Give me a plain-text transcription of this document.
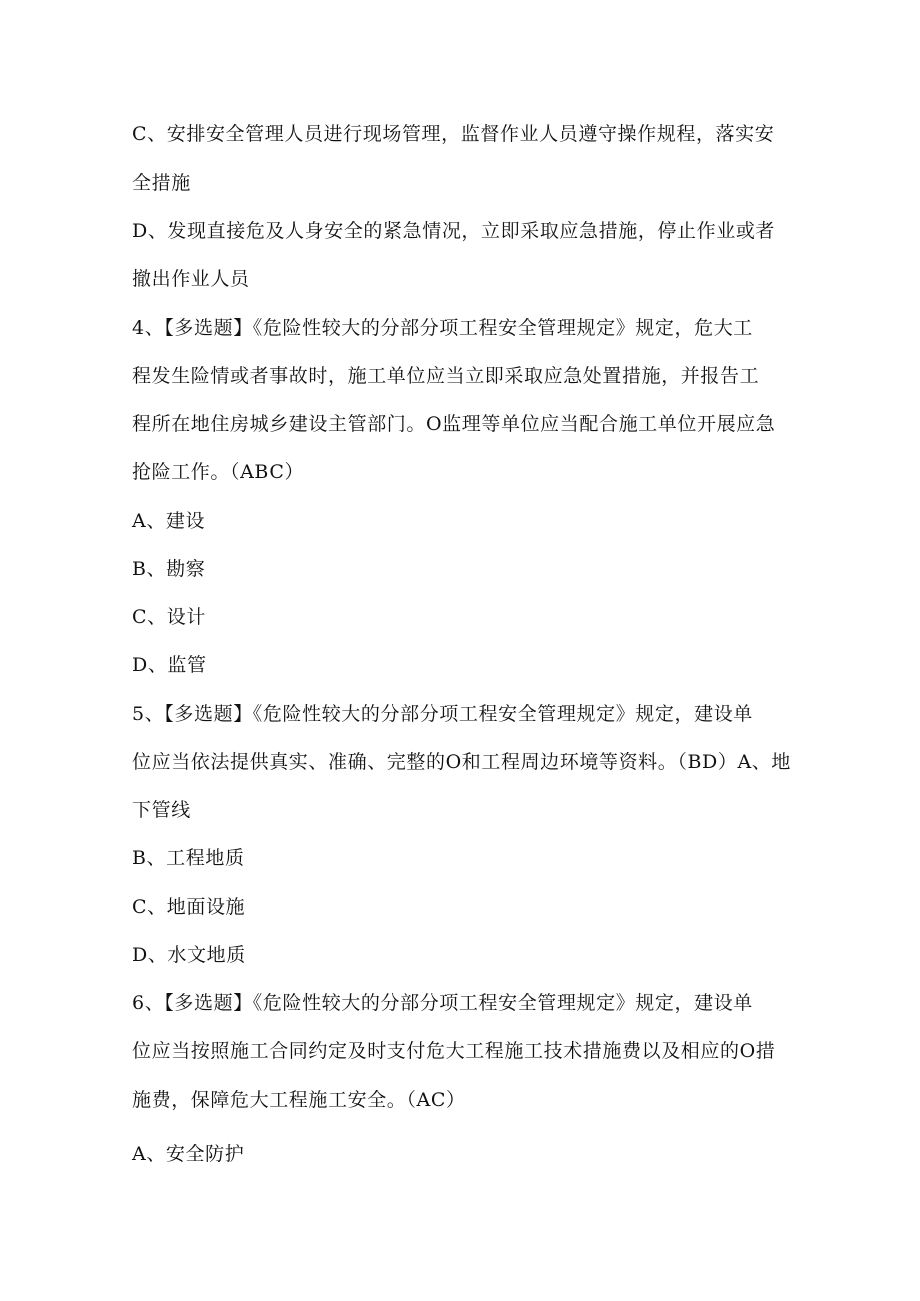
C、安排安全管理人员进行现场管理，监督作业人员遵守操作规程，落实安
全措施
D、发现直接危及人身安全的紧急情况，立即采取应急措施，停止作业或者
撤出作业人员
4、【多选题】《危险性较大的分部分项工程安全管理规定》规定，危大工
程发生险情或者事故时，施工单位应当立即采取应急处置措施，并报告工
程所在地住房城乡建设主管部门。O监理等单位应当配合施工单位开展应急
抢险工作。（ABC）
A、建设
B、勘察
C、设计
D、监管
5、【多选题】《危险性较大的分部分项工程安全管理规定》规定，建设单
位应当依法提供真实、准确、完整的O和工程周边环境等资料。（BD）A、地
下管线
B、工程地质
C、地面设施
D、水文地质
6、【多选题】《危险性较大的分部分项工程安全管理规定》规定，建设单
位应当按照施工合同约定及时支付危大工程施工技术措施费以及相应的O措
施费，保障危大工程施工安全。（AC）
A、安全防护
